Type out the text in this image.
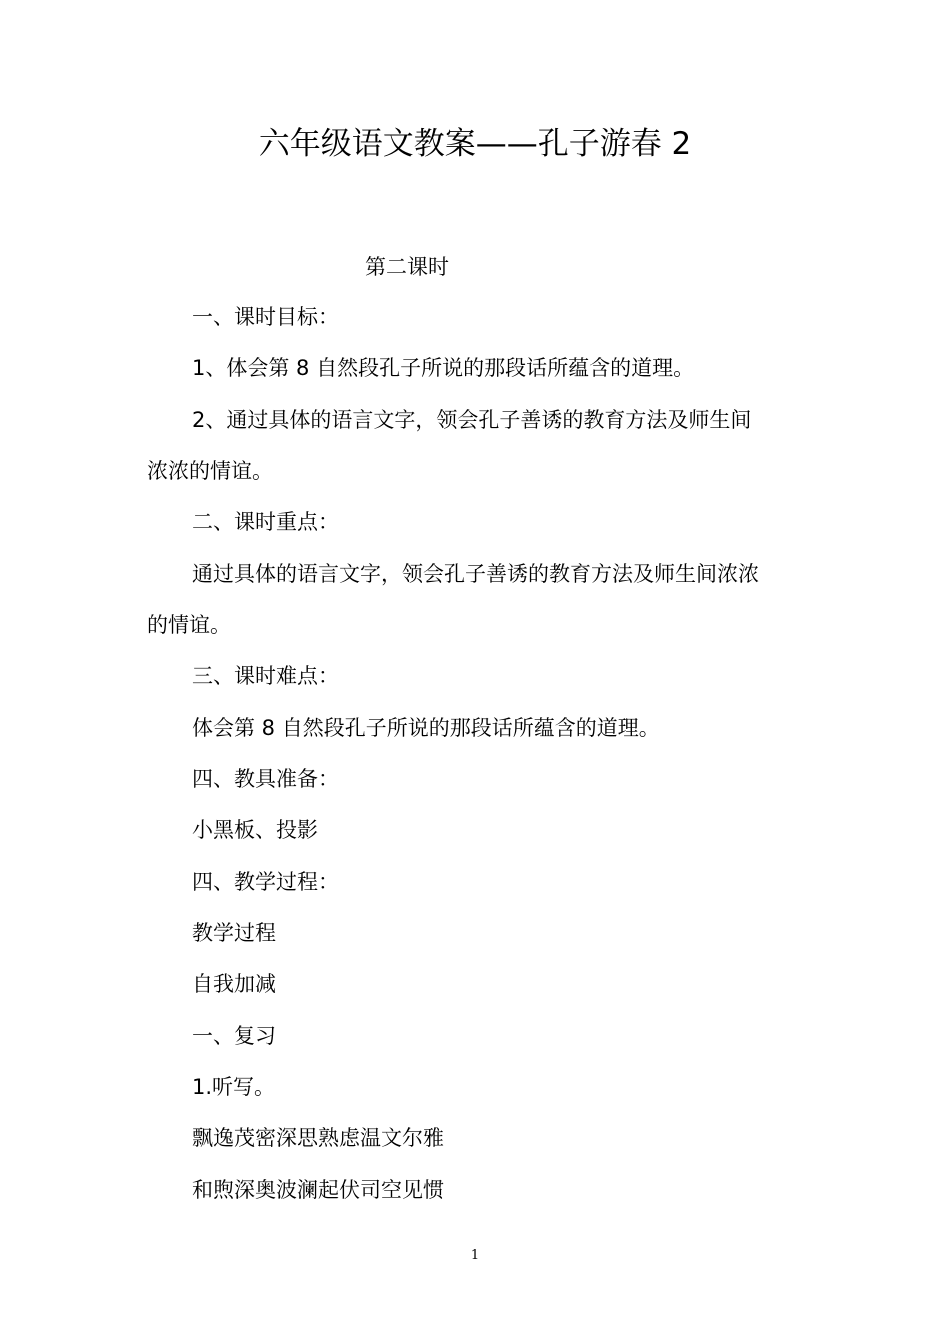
六年级语文教案——孔子游春 2
第二课时
一、课时目标：
1、体会第 8 自然段孔子所说的那段话所蕴含的道理。
2、通过具体的语言文字，领会孔子善诱的教育方法及师生间
浓浓的情谊。
二、课时重点：
通过具体的语言文字，领会孔子善诱的教育方法及师生间浓浓
的情谊。
三、课时难点：
体会第 8 自然段孔子所说的那段话所蕴含的道理。
四、教具准备：
小黑板、投影
四、教学过程：
教学过程
自我加减
一、复习
1.听写。
飘逸茂密深思熟虑温文尔雅
和煦深奥波澜起伏司空见惯
1
